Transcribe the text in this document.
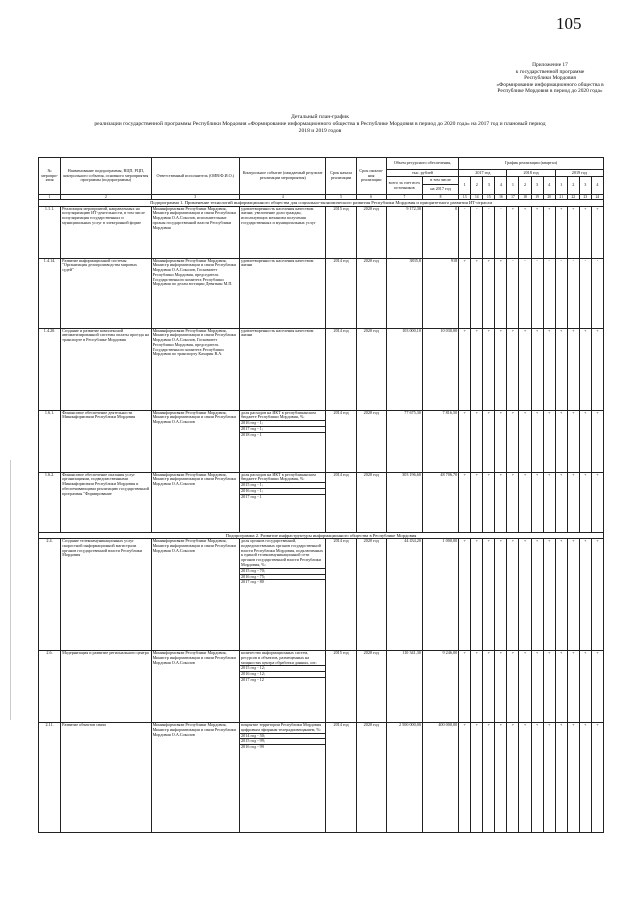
105
Приложение 17
к государственной программе
Республики Мордовия
«Формирование информационного общества в
Республике Мордовия в период до 2020 года»
Детальный план-график
реализации государственной программы Республики Мордовия «Формирование информационного общества в Республике Мордовия в период до 2020 года» на 2017 год и плановый период
2018 и 2019 годов
№ меропри- ятия	Наименование подпрограммы, ВЦП, РЦП, контрольного события, основного мероприятия программы (подпрограммы)	Ответственный исполнитель (ОИВ/Ф.И.О.)	Контрольное событие (ожидаемый результат реализации мероприятия)	Срок начала реализации	Срок оконча-ния реализации	Объем ресурсного обеспечения,		График реализации (квартал)											
						тыс. рублей		2017 год				2018 год				2019 год			
						всего за счет всех источников	в том числе	1	2	3	4	1	2	3	4	1	2	3	4
							на 2017 год												
1	2	3	4	5	6	7	8	13	14	15	16	17	18	19	20	21	22	23	24
Подпрограмма 1. Применение технологий информационного общества для социально-экономического развития Республики Мордовия и приоритетного развития ИТ-отрасли																			
1.1.1.	Реализация мероприятий, направленных на популяризацию ИТ-деятельности, в том числе популяризация государственных и муниципальных услуг в электронной форме	Мининформсвязи Республики Мордовия, Министр информатизации и связи Республики Мордовия О.А.Соколов, исполнительные органы государственной власти Республики Мордовия	удовлетворенность населения качеством жизни; увеличение доли граждан, использующих механизм получения государственных и муниципальных услуг	2015 год	2020 год	9 172,30	0	-	-	-	-	+	+	+	+	+	+	+	+
1.4.14.	Развитие информационной системы "Организация делопроизводства мировых судей"	Мининформсвязи Республики Мордовия, Министр информатизации и связи Республики Мордовия О.А.Соколов, Госкомитет Республики Мордовия, председатель Государственного комитета Республики Мордовия по делам юстиции Девяткин М.П.	удовлетворенность населения качеством жизни	2014 год	2020 год	3835,8	918	+	+	+	+	-	-	-	-	-	-	-	-
1.4.20.	Создание и развитие комплексной автоматизированной системы оплаты проезда на транспорте в Республике Мордовия	Мининформсвязи Республики Мордовия, Министр информатизации и связи Республики Мордовия О.А.Соколов, Госкомитет Республики Мордовия, председатель Государственного комитета Республики Мордовия по транспорту Кахарин В.А.	удовлетворенность населения качеством жизни	2014 год	2020 год	103 000,10	10 030,00	+	+	+	+	+	+	+	+	+	+	+	+
1.6.1.	Финансовое обеспечение деятельности Мининформсвязи Республики Мордовия	Мининформсвязи Республики Мордовия, Министр информатизации и связи Республики Мордовия О.А.Соколов	доля расходов на ИКТ в республиканском бюджете Республики Мордовия, %:
2016 год - 1;
2017 год - 1;
2018 год - 1	2014 год	2020 год	77 675,30	7 816,50	+	+	+	+	+	+	+	+	+	+	+	+
1.6.2.	Финансовое обеспечение оказания услуг организациями, подведомственными Мининформсвязи Республики Мордовия и обеспечивающими реализацию государственной программы "Формирование	Мининформсвязи Республики Мордовия, Министр информатизации и связи Республики Мордовия О.А.Соколов	доля расходов на ИКТ в республиканском бюджете Республики Мордовия, %:
2015 год - 1;
2016 год - 1;
2017 год - 1	2014 год	2020 год	303 196,60	48 706,70	+	+	+	+	+	+	+	+	+	+	+	+
Подпрограмма 2. Развитие инфраструктуры информационного общества в Республике Мордовия																			
2.4.	Создание телекоммуникационных услуг скоростной информационной магистрали органов государственной власти Республики Мордовия	Мининформсвязи Республики Мордовия, Министр информатизации и связи Республики Мордовия О.А.Соколов	доля органов государственной, подведомственных органов государственной власти Республики Мордовия, подключенных к единой телекоммуникационной сети органов государственной власти Республики Мордовия, %:
2015 год - 70;
2016 год - 75;
2017 год - 80	2014 год	2020 год	44 434,20	1 000,00	+	+	+	+	+	+	+	+	+	+	+	+
2.6.	Модернизация и развитие регионального центра	Мининформсвязи Республики Мордовия, Министр информатизации и связи Республики Мордовия О.А.Соколов	количество информационных систем, ресурсов и объектов, размещенных на мощностях центра обработки данных, шт.:
2015 год - 12;
2016 год - 12;
2017 год - 12	2015 год	2020 год	110 341,30	9 246,00	+	+	+	+	+	+	+	+	+	+	+	+
2.11.	Развитие объектов связи	Мининформсвязи Республики Мордовия, Министр информатизации и связи Республики Мордовия О.А.Соколов	покрытие территории Республики Мордовия цифровым эфирным телерадиовещанием, %:
2014 год - 50;
2015 год - 99;
2016 год - 99	2014 год	2020 год	2 500 000,00	400 000,00	+	+	+	+	+	+	+	+	+	+	+	+
